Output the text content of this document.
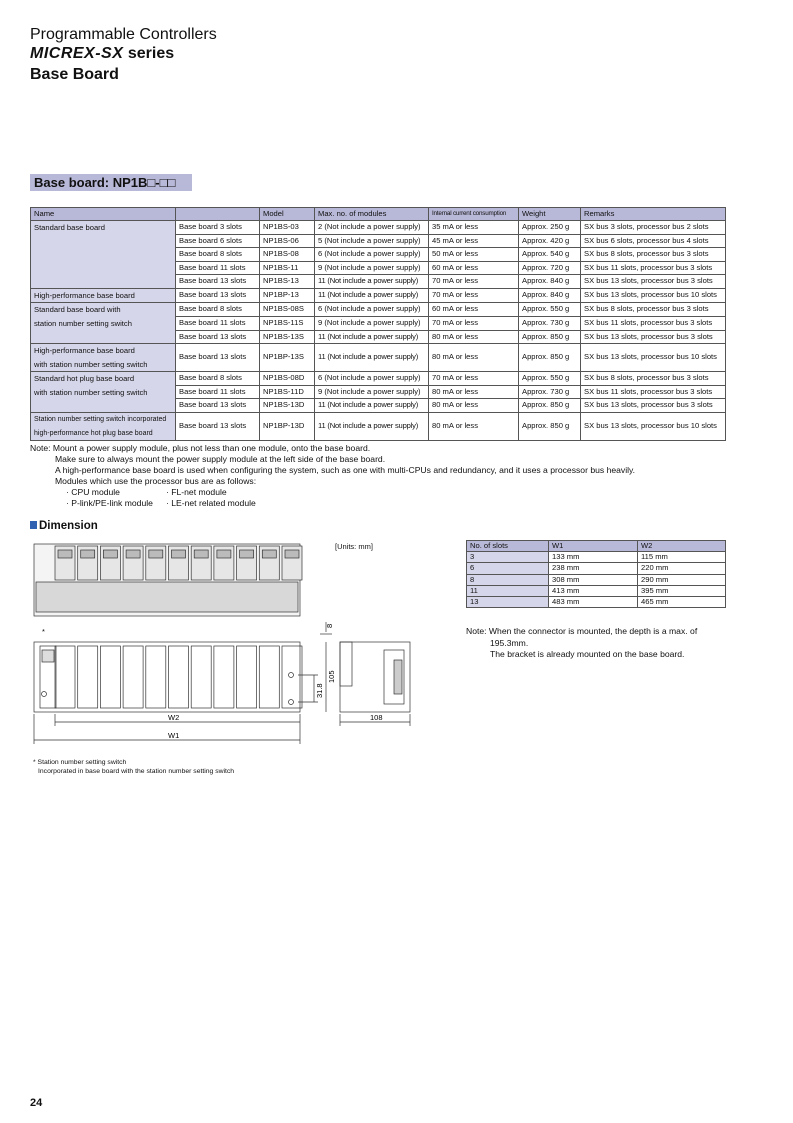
Programmable Controllers
MICREX-SX series
Base Board
Base board: NP1B□-□□
Name		Model	Max. no. of modules	Internal current consumption	Weight	Remarks

Standard base board	Base board 3 slots	NP1BS-03	2 (Not include a power supply)	35 mA or less	Approx. 250 g	SX bus 3 slots, processor bus 2 slots
	Base board 6 slots	NP1BS-06	5 (Not include a power supply)	45 mA or less	Approx. 420 g	SX bus 6 slots, processor bus 4 slots
	Base board 8 slots	NP1BS-08	6 (Not include a power supply)	50 mA or less	Approx. 540 g	SX bus 8 slots, processor bus 3 slots
	Base board 11 slots	NP1BS-11	9 (Not include a power supply)	60 mA or less	Approx. 720 g	SX bus 11 slots, processor bus 3 slots
	Base board 13 slots	NP1BS-13	11 (Not include a power supply)	70 mA or less	Approx. 840 g	SX bus 13 slots, processor bus 3 slots

High-performance base board	Base board 13 slots	NP1BP-13	11 (Not include a power supply)	70 mA or less	Approx. 840 g	SX bus 13 slots, processor bus 10 slots

Standard base board with
station number setting switch	Base board 8 slots	NP1BS-08S	6 (Not include a power supply)	60 mA or less	Approx. 550 g	SX bus 8 slots, processor bus 3 slots
	Base board 11 slots	NP1BS-11S	9 (Not include a power supply)	70 mA or less	Approx. 730 g	SX bus 11 slots, processor bus 3 slots
	Base board 13 slots	NP1BS-13S	11 (Not include a power supply)	80 mA or less	Approx. 850 g	SX bus 13 slots, processor bus 3 slots

High-performance base board
with station number setting switch	Base board 13 slots	NP1BP-13S	11 (Not include a power supply)	80 mA or less	Approx. 850 g	SX bus 13 slots, processor bus 10 slots

Standard hot plug base board
with station number setting switch	Base board 8 slots	NP1BS-08D	6 (Not include a power supply)	70 mA or less	Approx. 550 g	SX bus 8 slots, processor bus 3 slots
	Base board 11 slots	NP1BS-11D	9 (Not include a power supply)	80 mA or less	Approx. 730 g	SX bus 11 slots, processor bus 3 slots
	Base board 13 slots	NP1BS-13D	11 (Not include a power supply)	80 mA or less	Approx. 850 g	SX bus 13 slots, processor bus 3 slots

Station number setting switch incorporated
high-performance hot plug base board	Base board 13 slots	NP1BP-13D	11 (Not include a power supply)	80 mA or less	Approx. 850 g	SX bus 13 slots, processor bus 10 slots
Note: Mount a power supply module, plus not less than one module, onto the base board.
Make sure to always mount the power supply module at the left side of the base board.
A high-performance base board is used when configuring the system, such as one with multi-CPUs and redundancy, and it uses a processor bus heavily.
Modules which use the processor bus are as follows:
· CPU module	· FL-net module
· P-link/PE-link module · LE-net related module
Dimension
[Units: mm]
W2
W1
108
105
31.8
8
*
No. of slots	W1	W2
3	133 mm	115 mm
6	238 mm	220 mm
8	308 mm	290 mm
11	413 mm	395 mm
13	483 mm	465 mm
Note: When the connector is mounted, the depth is a max. of
195.3mm.
The bracket is already mounted on the base board.
* Station number setting switch
Incorporated in base board with the station number setting switch
24
